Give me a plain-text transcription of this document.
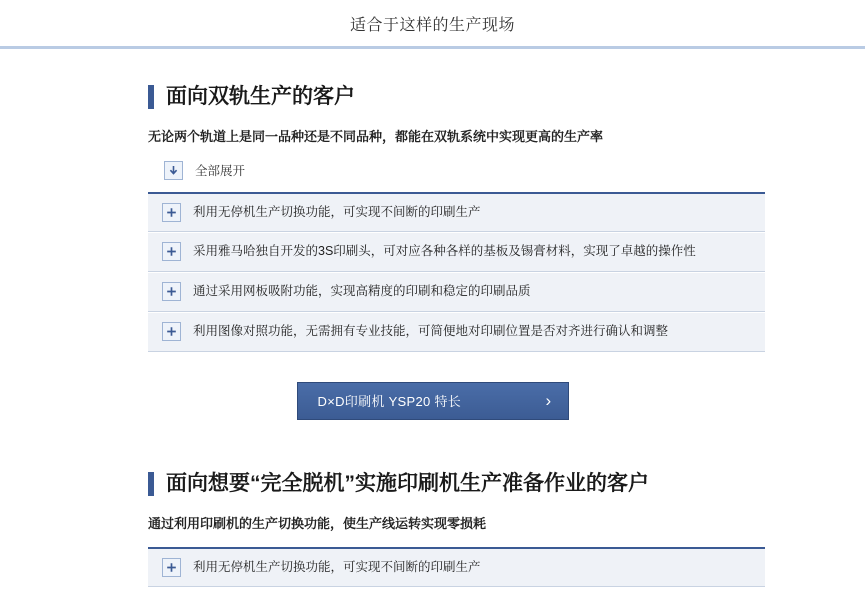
适合于这样的生产现场
面向双轨生产的客户

无论两个轨道上是同一品种还是不同品种，都能在双轨系统中实现更高的生产率

全部展开
利用无停机生产切换功能，可实现不间断的印刷生产
采用雅马哈独自开发的3S印刷头，可对应各种各样的基板及锡膏材料，实现了卓越的操作性
通过采用网板吸附功能，实现高精度的印刷和稳定的印刷品质
利用图像对照功能，无需拥有专业技能，可简便地对印刷位置是否对齐进行确认和调整
D×D印刷机 YSP20 特长	›
面向想要“完全脱机”实施印刷机生产准备作业的客户

通过利用印刷机的生产切换功能，使生产线运转实现零损耗

利用无停机生产切换功能，可实现不间断的印刷生产
